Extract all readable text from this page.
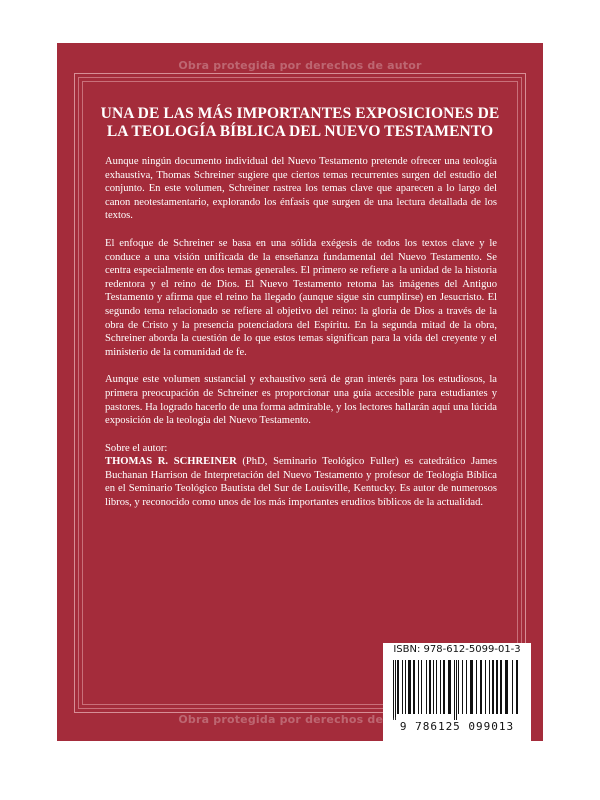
Obra protegida por derechos de autor
UNA DE LAS MÁS IMPORTANTES EXPOSICIONES DE
LA TEOLOGÍA BÍBLICA DEL NUEVO TESTAMENTO

Aunque ningún documento individual del Nuevo Testamento pretende ofrecer una teología exhaustiva, Thomas Schreiner sugiere que ciertos temas recurrentes surgen del estudio del conjunto. En este volumen, Schreiner rastrea los temas clave que aparecen a lo largo del canon neotestamentario, explorando los énfasis que surgen de una lectura detallada de los textos.

El enfoque de Schreiner se basa en una sólida exégesis de todos los textos clave y le conduce a una visión unificada de la enseñanza fundamental del Nuevo Testamento. Se centra especialmente en dos temas generales. El primero se refiere a la unidad de la historia redentora y el reino de Dios. El Nuevo Testamento retoma las imágenes del Antiguo Testamento y afirma que el reino ha llegado (aunque sigue sin cumplirse) en Jesucristo. El segundo tema relacionado se refiere al objetivo del reino: la gloria de Dios a través de la obra de Cristo y la presencia potenciadora del Espíritu. En la segunda mitad de la obra, Schreiner aborda la cuestión de lo que estos temas significan para la vida del creyente y el ministerio de la comunidad de fe.

Aunque este volumen sustancial y exhaustivo será de gran interés para los estudiosos, la primera preocupación de Schreiner es proporcionar una guía accesible para estudiantes y pastores. Ha logrado hacerlo de una forma admirable, y los lectores hallarán aquí una lúcida exposición de la teología del Nuevo Testamento.

Sobre el autor:

THOMAS R. SCHREINER (PhD, Seminario Teológico Fuller) es catedrático James Buchanan Harrison de Interpretación del Nuevo Testamento y profesor de Teología Bíblica en el Seminario Teológico Bautista del Sur de Louisville, Kentucky. Es autor de numerosos libros, y reconocido como unos de los más importantes eruditos bíblicos de la actualidad.

ISBN: 978-612-5099-01-3
9 786125 099013
Obra protegida por derechos de autor
